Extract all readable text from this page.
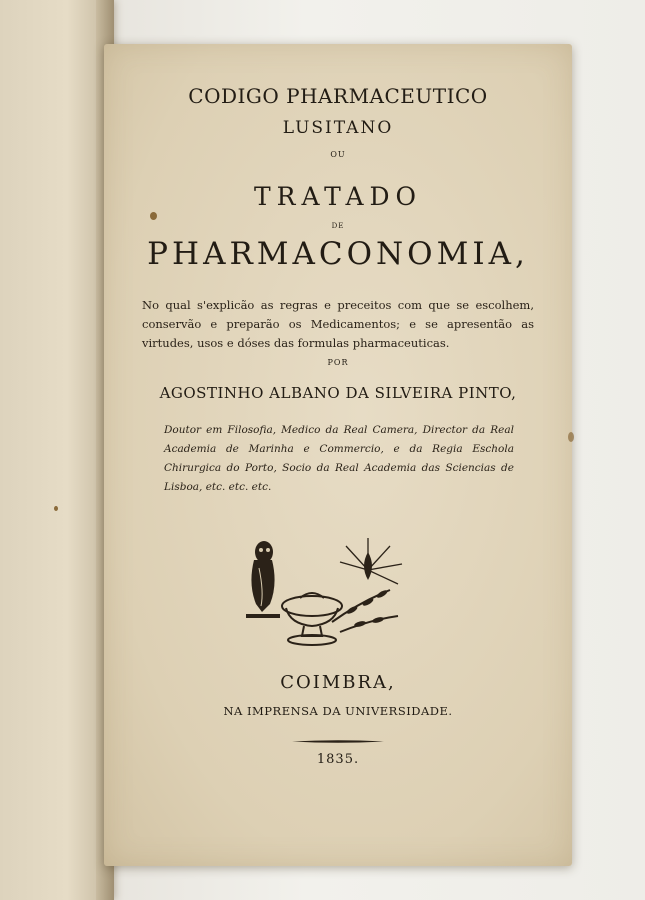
CODIGO PHARMACEUTICO

LUSITANO

OU

TRATADO

DE

PHARMACONOMIA,

No qual s'explicão as regras e preceitos com que se escolhem, conservão e preparão os Medicamentos; e se apresentão as virtudes, usos e dóses das formulas pharmaceuticas.

POR

AGOSTINHO ALBANO DA SILVEIRA PINTO,

Doutor em Filosofia, Medico da Real Camera, Director da Real Academia de Marinha e Commercio, e da Regia Eschola Chirurgica do Porto, Socio da Real Academia das Sciencias de Lisboa, etc. etc. etc.

COIMBRA,

NA IMPRENSA DA UNIVERSIDADE.

1835.
